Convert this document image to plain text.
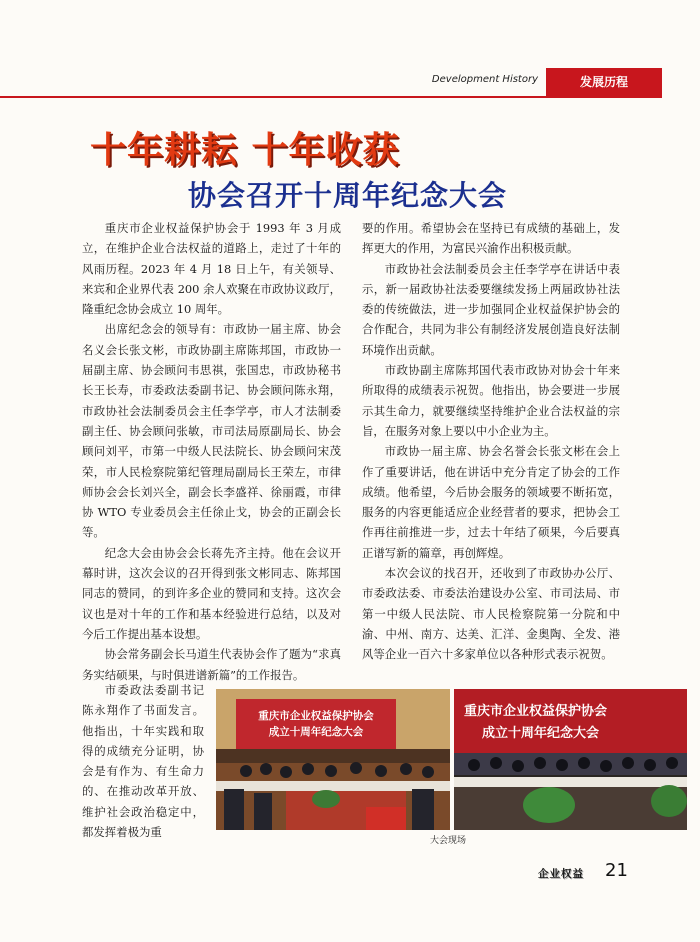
Development History	发展历程
十年耕耘 十年收获
协会召开十周年纪念大会

重庆市企业权益保护协会于 1993 年 3 月成立，在维护企业合法权益的道路上，走过了十年的风雨历程。2023 年 4 月 18 日上午，有关领导、来宾和企业界代表 200 余人欢聚在市政协议政厅，隆重纪念协会成立 10 周年。

出席纪念会的领导有：市政协一届主席、协会名义会长张文彬，市政协副主席陈邦国，市政协一届副主席、协会顾问韦思祺，张国忠，市政协秘书长王长寿，市委政法委副书记、协会顾问陈永翔，市政协社会法制委员会主任李学亭，市人才法制委副主任、协会顾问张敏，市司法局原副局长、协会顾问刘平，市第一中级人民法院长、协会顾问宋茂荣，市人民检察院第纪管理局副局长王荣左，市律师协会会长刘兴全，副会长李盛祥、徐丽霞，市律协 WTO 专业委员会主任徐止戈，协会的正副会长等。

纪念大会由协会会长蒋先齐主持。他在会议开幕时讲，这次会议的召开得到张文彬同志、陈邦国同志的赞同，的到许多企业的赞同和支持。这次会议也是对十年的工作和基本经验进行总结，以及对今后工作提出基本设想。

协会常务副会长马道生代表协会作了题为“求真务实结硕果，与时俱进谱新篇”的工作报告。

要的作用。希望协会在坚持已有成绩的基础上，发挥更大的作用，为富民兴渝作出积极贡献。

市政协社会法制委员会主任李学亭在讲话中表示，新一届政协社法委要继续发扬上两届政协社法委的传统做法，进一步加强同企业权益保护协会的合作配合，共同为非公有制经济发展创造良好法制环境作出贡献。

市政协副主席陈邦国代表市政协对协会十年来所取得的成绩表示祝贺。他指出，协会要进一步展示其生命力，就要继续坚持维护企业合法权益的宗旨，在服务对象上要以中小企业为主。

市政协一届主席、协会名誉会长张文彬在会上作了重要讲话，他在讲话中充分肯定了协会的工作成绩。他希望，今后协会服务的领域要不断拓宽，服务的内容更能适应企业经营者的要求，把协会工作再往前推进一步，过去十年结了硕果，今后要真正谱写新的篇章，再创辉煌。

本次会议的找召开，还收到了市政协办公厅、市委政法委、市委法治建设办公室、市司法局、市第一中级人民法院、市人民检察院第一分院和中渝、中州、南方、达美、汇洋、金奥陶、全发、港风等企业一百六十多家单位以各种形式表示祝贺。

市委政法委副书记陈永翔作了书面发言。他指出，十年实践和取得的成绩充分证明，协会是有作为、有生命力的、在推动改革开放、维护社会政治稳定中，都发挥着极为重

重庆市企业权益保护协会
成立十周年纪念大会
重庆市企业权益保护协会
成立十周年纪念大会
大会现场
企业权益 21
